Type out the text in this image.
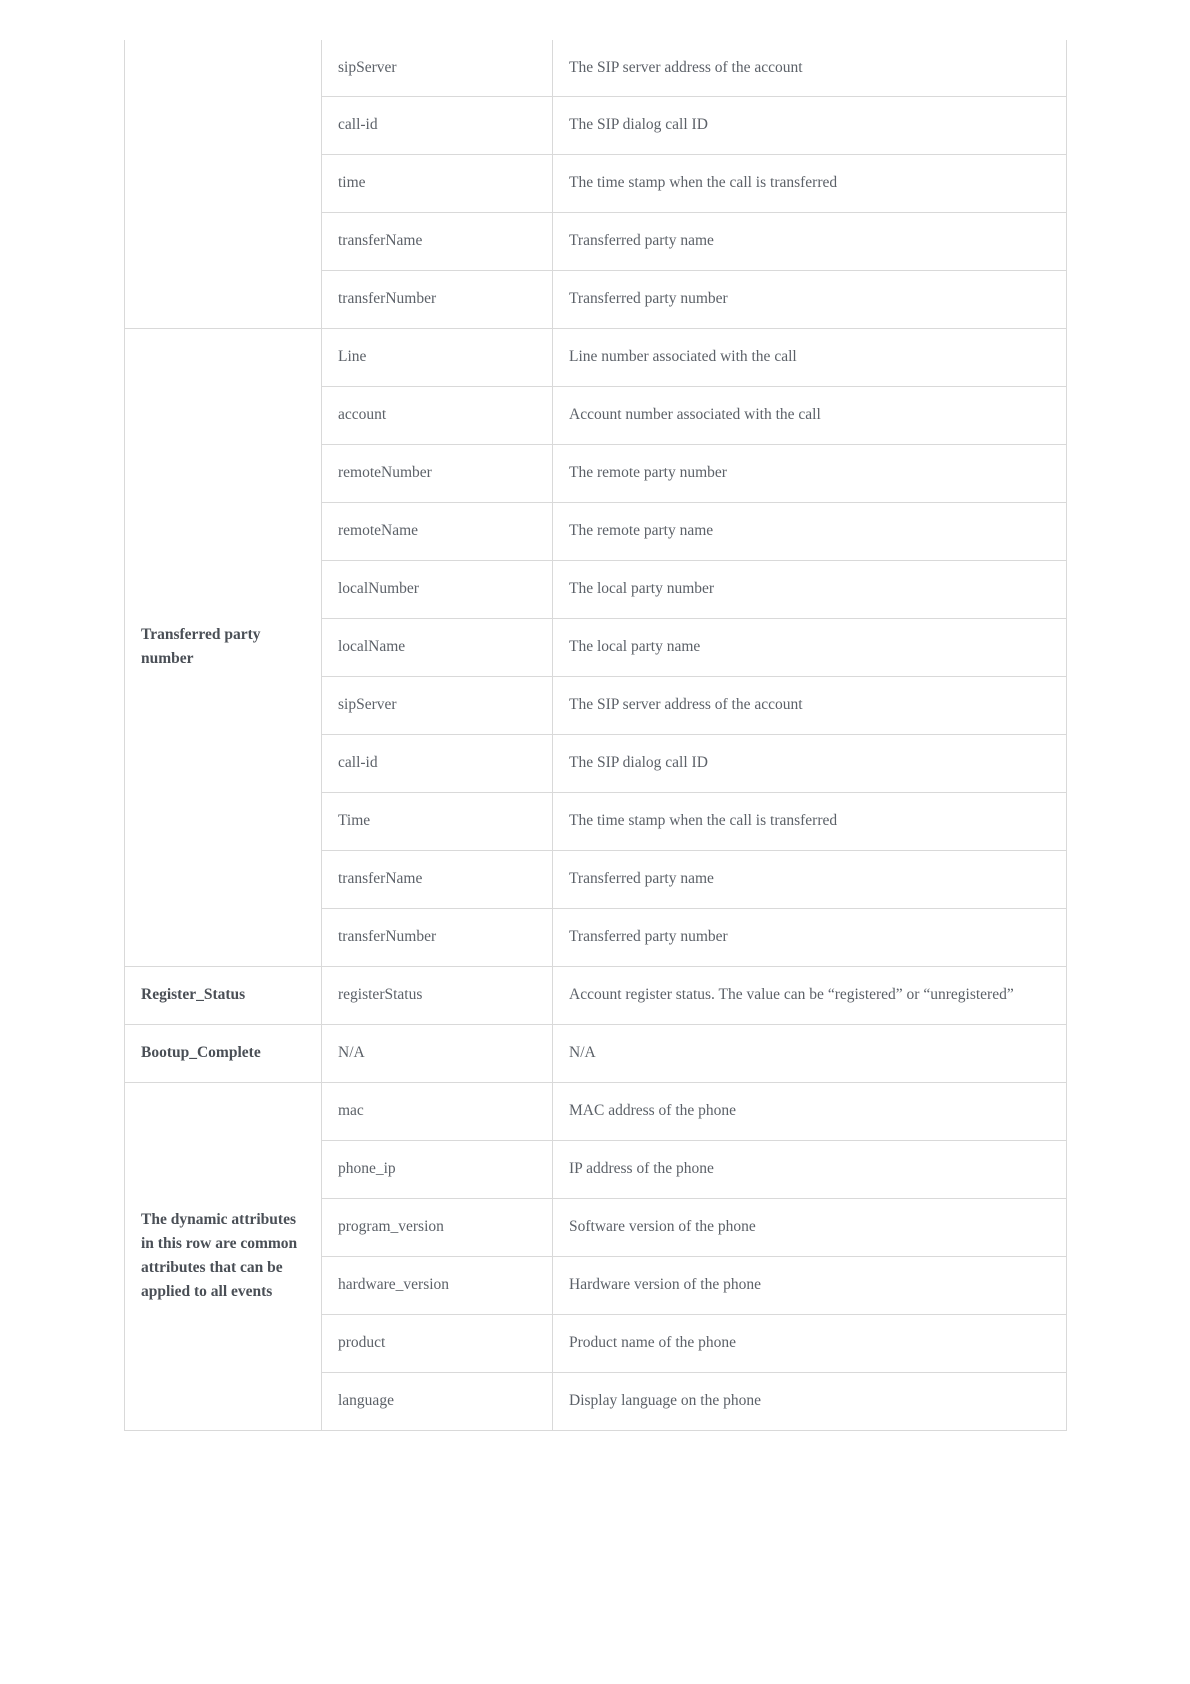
	sipServer	The SIP server address of the account
	call-id	The SIP dialog call ID
	time	The time stamp when the call is transferred
	transferName	Transferred party name
	transferNumber	Transferred party number
Transferred party number	Line	Line number associated with the call
	account	Account number associated with the call
	remoteNumber	The remote party number
	remoteName	The remote party name
	localNumber	The local party number
	localName	The local party name
	sipServer	The SIP server address of the account
	call-id	The SIP dialog call ID
	Time	The time stamp when the call is transferred
	transferName	Transferred party name
	transferNumber	Transferred party number
Register_Status	registerStatus	Account register status. The value can be “registered” or “unregistered”
Bootup_Complete	N/A	N/A
The dynamic attributes in this row are common attributes that can be applied to all events	mac	MAC address of the phone
	phone_ip	IP address of the phone
	program_version	Software version of the phone
	hardware_version	Hardware version of the phone
	product	Product name of the phone
	language	Display language on the phone
